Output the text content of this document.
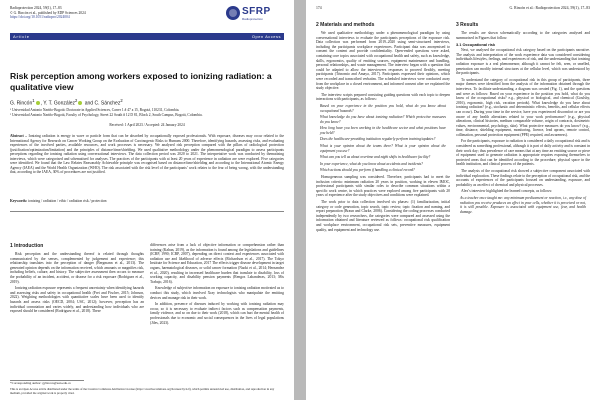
Radioprotection 2024, 59(1), 17–83
© G. Rincón et al., published by EDP Sciences 2024
https://doi.org/10.1051/radiopro/2024004	SFRP
Radioprotection
Article	Open Access
Risk perception among workers exposed to ionizing radiation: a qualitative view
G. Rincón$^1$, Y. T. González$^2$ and C. Sánchez$^2$
¹ Universidad Antonio Nariño-Bogotá: Doctorate in Applied Sciences, Carrer 1 # 47 a 15, Bogotá, 110231, Colombia.
² Universidad Antonio Nariño-Bogotá, Faculty of Psychology, Street 22 South # 12 D 81, Block 2, South Campus, Bogotá, Colombia.
Received: 1 April 2023 / Accepted: 24 January 2024
Abstract – Ionizing radiation is energy in wave or particle form that can be absorbed by occupationally exposed professionals. With exposure, diseases may occur related to the International Agency for Research on Cancer Working Group on the Evaluation of Carcinogenic Risks to Humans 2000. Therefore, identifying hazards, assessing risks, and evaluating experiences of the involved parties, available resources, and work processes is necessary. We analysed risk perception compared with the pillars of radiological protection (justification/optimization/limitation) and the principles of distance/time/shielding. We used qualitative methodology under the phenomenological paradigm to assess participants perceptions regarding the ionizing radiation using conversational interviews. The data collection period was 2020 to 2021. The interpretative work was conducted by thematizing interviews, which were categorised and schematised for analyses. The practices of the participants with at least 20 years of experience in radiation are were explored. Five categories were identified. We found that the Law Relates Reasonably Achievable principle was recognised based on distance/time/shielding and according to the International Atomic Energy Agency (IAEA) and the World Health Organization (WHO). The risk associated with the risk level of the participants’ work relates to the fear of being wrong, with the understanding that, according to the IAEA, 30% of procedures are not justified.
Keywords: ionizing / radiation / ethic / radiation risk / protection
1 Introduction

Risk perception and the understanding thereof is related through thoughts communicated by the senses, complemented by judgement and experience; this relationship translates into the perception of danger (Bergmann et al., 2013). The generated opinion depends on the information received, which amounts or magnifies risk, including beliefs, culture, and history. The subjective assessment then occurs to measure the probability of an incident, accident, or disease for a risk exposure (Rodriguez et al., 2019).

Ionizing radiation exposure represents a frequent uncertainty when identifying hazards and assessing risks and safety in occupational health (Frei and Fischer, 2015; Johnson, 2022). Weighting methodologies with quantitative scales have been used to identify hazards and assess risks (OECD, 2004; USC, 2012); however, perception has an individual connotation and varies widely, and understanding how individuals who are exposed should be considered (Rodriguez et al., 2018). These

differences arise from a lack of objective information or comprehension rather than training (Kahan, 2019), as the information is found among the legislations and guidelines (ICRP, 1990; ICRP, 2007), depending on direct context and experiences associated with radiation use and likelihood of adverse effects (Richardson et al., 2017). The Tokyo Institute for Science and Education, 2017 The effects trigger disease development in target organs, haematological diseases, or solid cancer formation (Naoki et al., 2014; Hernandez et al., 2020), resulting in increased healthcare burden that translate to disability, loss of working capacity, and disability pension payments (Rengos Labanderas, 2013; Mis Trabajo, 2016).

Knowledge of subjective information on exposure to ionizing radiation motivated us to conduct this study, which involved Xray technologists who manipulate the emitting devices and manage risk in their work.

In addition, presence of diseases induced by working with ionizing radiation may occur, so it is necessary to evaluate indirect factors such as compensation payments, family violence, and so on due to their work (2018), which can hurt the mental health of professionals due to economic and social consequences in the lives of legal populations (Jiles, 2023).

*Corresponding author: gyiincon@uan.edu.co
This is an Open Access article distributed under the terms of the Creative Commons Attribution License (https://creativecommons.org/licenses/by/4.0), which permits unrestricted use, distribution, and reproduction in any medium, provided the original work is properly cited.
174	G. Rincón et al.: Radioprotection 2024, 59(1), 17–83
2 Materials and methods

We used qualitative methodology under a phenomenological paradigm by using conversational interviews to evaluate the participants perceptions of the exposure risk. Data collection was performed from 2019–2020 using semi-structured interviews, including the participants workplace experiences. Participant data was anonymised to consent the content and provide confidentiality. Open-ended questions were asked, containing core topics associated with occupational health and safety, such as knowledge, skills, ergonomics, quality of emitting sources, equipment maintenance and handling, personal relationships, and waste management. The interview began with a question that could be adapted to allow the interviewees responses to proceed flexibly, meeting participants (Trinomio and Amaya, 2017). Participants expressed their opinions, which were recorded and transcribed verbatim. The scheduled interviews were conducted away from the workplace in a closed environment, and informed consent after we explained the study objective.

The interview scripts prepared consisting guiding questions with each topic to deepen interactions with participants, as follows:

Based on your experience in the position you hold, what do you know about occupational hazards?

What knowledge do you have about ionizing radiation? Which protective measures do you know?

How long have you been working in the healthcare sector and what positions have you held?

Does the healthcare-providing institution regularly perform training/updates?

What is your opinion about the teams there? What is your opinion about the equipment you use?

What can you tell us about overtime and night shifts in healthcare facility?

In your experience, what do you know about accidents and incidents?

Which actions should you perform if handling a clinical record?

Homogeneous sampling was considered. Therefore, participants had to meet the inclusion criteria: minimum radiation 20 years in position, working in eleven IMOC, professional participants with similar roles to describe common situations within a specific work centre, in which practices were explored among five participants with 20 years of experience after the study objectives and conditions were explained.

The work prior to data collection involved six phases: (1) familiarisation, initial category or code generation, topic search, topic review, topic fixation and naming, and report preparation (Braun and Clarke, 2006). Considering the coding processes conducted independently by two researchers, the categories were compared and assessed using the information obtained and literature reviewed as follows: occupational risk qualification and workplace environment, occupational risk sets, preventive measures, equipment quality, and equipment and technology use.

3 Results

The results are shown schematically according to the categories analysed and summarised in Figures that follow.

3.1 Occupational risk

Next, we analysed the occupational risk category based on the participants narrative. The analysis and interpretation of the work experience data was considered considering individuals lifestyles, feelings, and experiences of risk, and the understanding that ionizing radiation exposure is a real phenomenon; although it cannot be felt, seen, or smelled, penetration can modify internal structures at the cellular level, which was understood by the participants.

To understand the category of occupational risk in this group of participants, three major themes were identified from the analysis of the information obtained through the interviews. To facilitate understanding, a diagram was created (Fig. 1), and the questions and were as follows: Based on your experience in the position you hold, what do you know of the occupational risks? e.g., physical or biological, and chemical (Goulsby, 2016), ergonomic, high risk, vacation periods). What knowledge do you have about ionizing radiation? (e.g., stochastic and deterministic effects, benefits, and cellular effects can occur). During your time in the service, have you experienced discomfort or are you aware of any health alterations related to your work performance? (e.g., physical alterations, clinical histories, medium comparable volume, origin of contracts, dosimetric values, environmental, psychology, skin). What protective measures do you know? (e.g., time, distance, shielding equipment, monitoring, licence, lead aprons, remote control, collimation, personal protection equipment (PPE) required, and awareness).

For the participants, exposure to radiation is considered a daily occupational risk and is considered as something professional, although it is part of daily activity and is constant in their work day; thus prevalence of care means that at any time an emitting source or piece of equipment used to generate radiation is appropriate requires exposing themselves to protected areas that can be identified according to the procedure; physical space in the health institution, and clinical process of the patients.

The analysis of the occupational risk showed a subjective component associated with individual exploration. These findings relate to the perception of occupational risk, and the accounts of experiences of the participants focused on understanding, exposure, and probability as an effect of chemical and physical processes.

Alex’s interview highlighted the learned concepts, as follows:

As a teacher once taught me: any minimum predicament or reaction, i.e., any dose of radiation you receive produces an effect in your cells, whether it is perceived or not, it is still possible. Exposure is associated with equipment use, fear, and health damage.
